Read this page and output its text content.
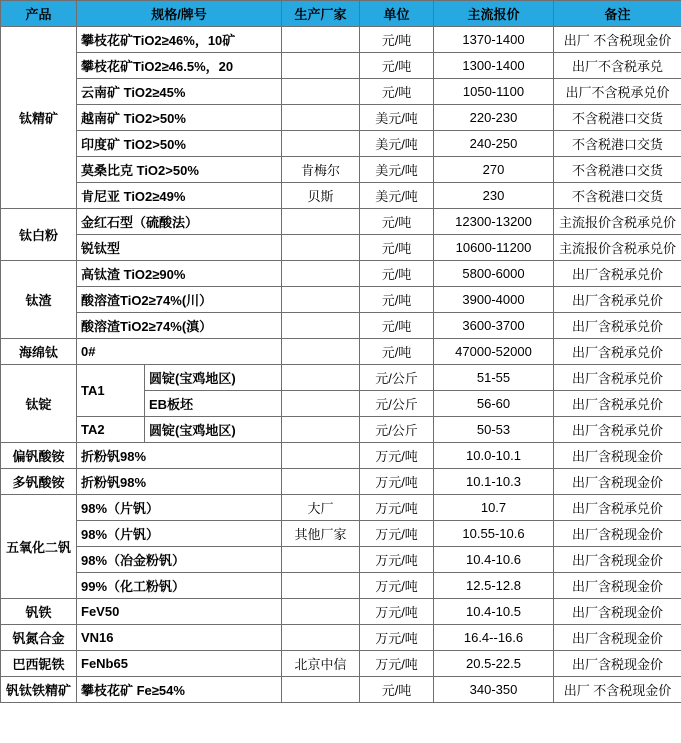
产品	规格/牌号		生产厂家	单位	主流报价	备注
钛精矿	攀枝花矿TiO2≥46%，10矿			元/吨	1370-1400	出厂 不含税现金价
	攀枝花矿TiO2≥46.5%，20			元/吨	1300-1400	出厂不含税承兑
	云南矿 TiO2≥45%			元/吨	1050-1100	出厂不含税承兑价
	越南矿 TiO2>50%			美元/吨	220-230	不含税港口交货
	印度矿 TiO2>50%			美元/吨	240-250	不含税港口交货
	莫桑比克 TiO2>50%		肯梅尔	美元/吨	270	不含税港口交货
	肯尼亚 TiO2≥49%		贝斯	美元/吨	230	不含税港口交货
钛白粉	金红石型（硫酸法）			元/吨	12300-13200	主流报价含税承兑价
	锐钛型			元/吨	10600-11200	主流报价含税承兑价
钛渣	高钛渣 TiO2≥90%			元/吨	5800-6000	出厂含税承兑价
	酸溶渣TiO2≥74%(川）			元/吨	3900-4000	出厂含税承兑价
	酸溶渣TiO2≥74%(滇）			元/吨	3600-3700	出厂含税承兑价
海绵钛	0#			元/吨	47000-52000	出厂含税承兑价
钛锭	TA1	圆锭(宝鸡地区)		元/公斤	51-55	出厂含税承兑价
		EB板坯		元/公斤	56-60	出厂含税承兑价
	TA2	圆锭(宝鸡地区)		元/公斤	50-53	出厂含税承兑价
偏钒酸铵	折粉钒98%			万元/吨	10.0-10.1	出厂含税现金价
多钒酸铵	折粉钒98%			万元/吨	10.1-10.3	出厂含税现金价
五氧化二钒	98%（片钒）		大厂	万元/吨	10.7	出厂含税承兑价
	98%（片钒）		其他厂家	万元/吨	10.55-10.6	出厂含税现金价
	98%（冶金粉钒）			万元/吨	10.4-10.6	出厂含税现金价
	99%（化工粉钒）			万元/吨	12.5-12.8	出厂含税现金价
钒铁	FeV50			万元/吨	10.4-10.5	出厂含税现金价
钒氮合金	VN16			万元/吨	16.4--16.6	出厂含税现金价
巴西铌铁	FeNb65		北京中信	万元/吨	20.5-22.5	出厂含税现金价
钒钛铁精矿	攀枝花矿 Fe≥54%			元/吨	340-350	出厂 不含税现金价
